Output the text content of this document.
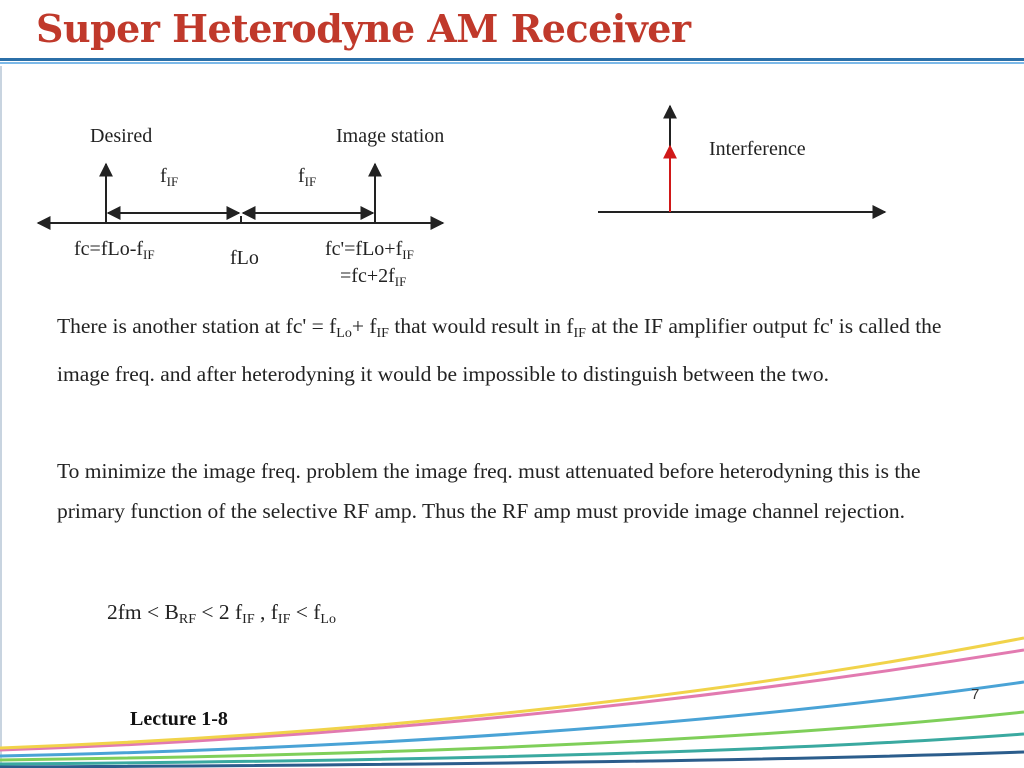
Super Heterodyne AM Receiver
Desired	Image station
$f_{IF}$	$f_{IF}$
$fc=fLo-f_{IF}$	fLo	$fc'=fLo+f_{IF}$
$=fc+2f_{IF}$
Interference

There is another station at $fc' = f_{Lo}+ f_{IF}$ that would result in $f_{IF}$ at the IF amplifier output fc' is called the image freq. and after heterodyning it would be impossible to distinguish between the two.

To minimize the image freq. problem the image freq. must attenuated before heterodyning this is the primary function of the selective RF amp. Thus the RF amp must provide image channel rejection.

$2fm < B_{RF} < 2$ $f_{IF}$ , $f_{IF} < f_{Lo}$

Lecture 1-8
7
